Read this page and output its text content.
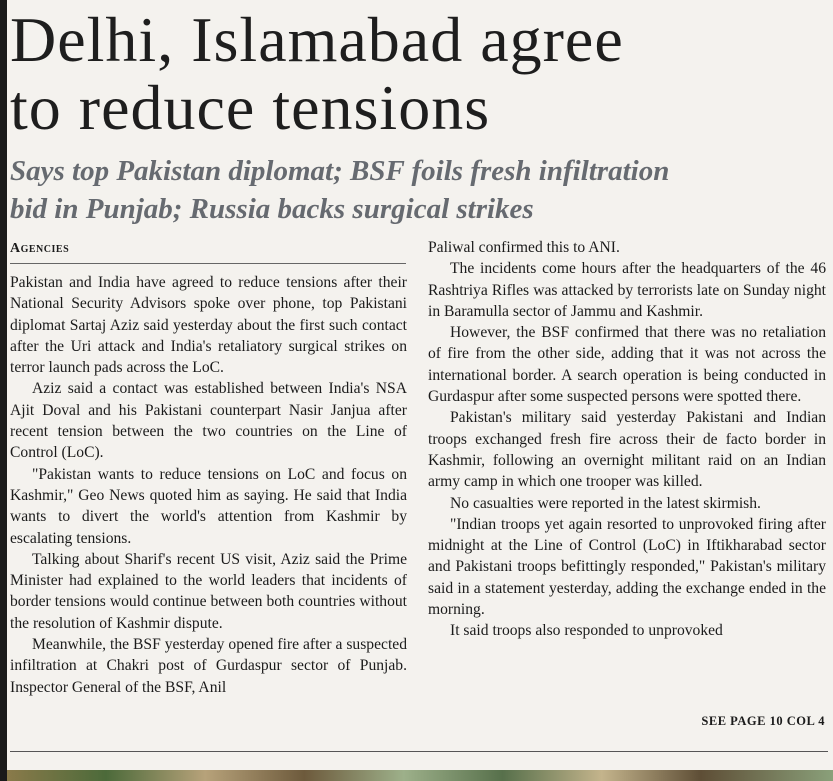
Delhi, Islamabad agree
to reduce tensions
Says top Pakistan diplomat; BSF foils fresh infiltration
bid in Punjab; Russia backs surgical strikes
Agencies

Pakistan and India have agreed to reduce tensions after their National Security Advisors spoke over phone, top Pakistani diplomat Sartaj Aziz said yesterday about the first such contact after the Uri attack and India's retaliatory surgical strikes on terror launch pads across the LoC.

Aziz said a contact was established between India's NSA Ajit Doval and his Pakistani counterpart Nasir Janjua after recent tension between the two countries on the Line of Control (LoC).

"Pakistan wants to reduce tensions on LoC and focus on Kashmir," Geo News quoted him as saying. He said that India wants to divert the world's attention from Kashmir by escalating tensions.

Talking about Sharif's recent US visit, Aziz said the Prime Minister had explained to the world leaders that incidents of border tensions would continue between both countries without the resolution of Kashmir dispute.

Meanwhile, the BSF yesterday opened fire after a suspected infiltration at Chakri post of Gurdaspur sector of Punjab. Inspector General of the BSF, Anil

Paliwal confirmed this to ANI.

The incidents come hours after the headquarters of the 46 Rashtriya Rifles was attacked by terrorists late on Sunday night in Baramulla sector of Jammu and Kashmir.

However, the BSF confirmed that there was no retaliation of fire from the other side, adding that it was not across the international border. A search operation is being conducted in Gurdaspur after some suspected persons were spotted there.

Pakistan's military said yesterday Pakistani and Indian troops exchanged fresh fire across their de facto border in Kashmir, following an overnight militant raid on an Indian army camp in which one trooper was killed.

No casualties were reported in the latest skirmish.

"Indian troops yet again resorted to unprovoked firing after midnight at the Line of Control (LoC) in Iftikharabad sector and Pakistani troops befittingly responded," Pakistan's military said in a statement yesterday, adding the exchange ended in the morning.

It said troops also responded to unprovoked

SEE PAGE 10 COL 4
